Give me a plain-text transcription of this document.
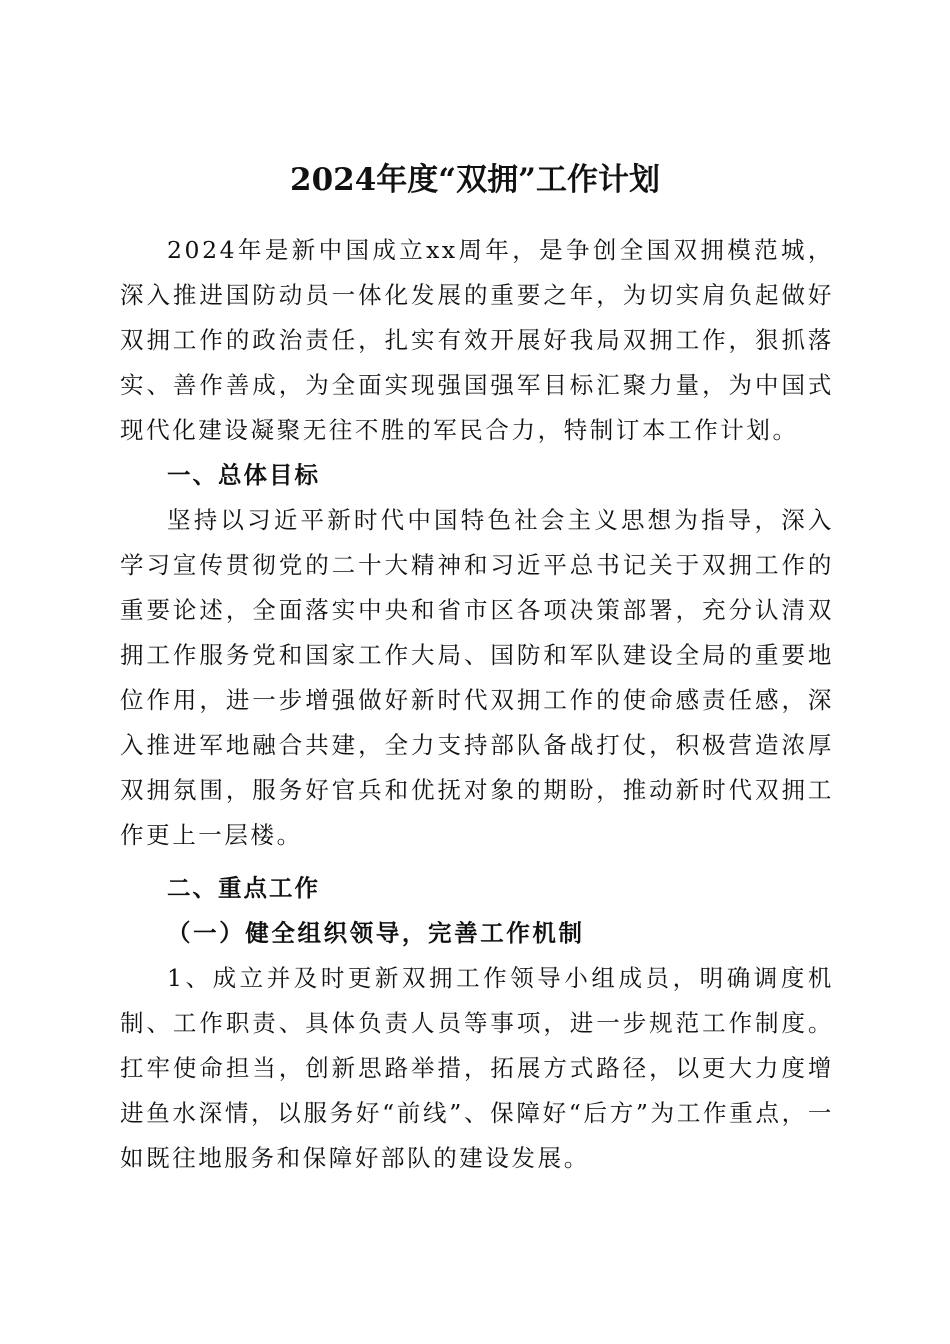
2024年度“双拥”工作计划

2024年是新中国成立xx周年，是争创全国双拥模范城，深入推进国防动员一体化发展的重要之年，为切实肩负起做好双拥工作的政治责任，扎实有效开展好我局双拥工作，狠抓落实、善作善成，为全面实现强国强军目标汇聚力量，为中国式现代化建设凝聚无往不胜的军民合力，特制订本工作计划。

一、总体目标

坚持以习近平新时代中国特色社会主义思想为指导，深入学习宣传贯彻党的二十大精神和习近平总书记关于双拥工作的重要论述，全面落实中央和省市区各项决策部署，充分认清双拥工作服务党和国家工作大局、国防和军队建设全局的重要地位作用，进一步增强做好新时代双拥工作的使命感责任感，深入推进军地融合共建，全力支持部队备战打仗，积极营造浓厚双拥氛围，服务好官兵和优抚对象的期盼，推动新时代双拥工作更上一层楼。

二、重点工作
（一）健全组织领导，完善工作机制

1、成立并及时更新双拥工作领导小组成员，明确调度机制、工作职责、具体负责人员等事项，进一步规范工作制度。扛牢使命担当，创新思路举措，拓展方式路径，以更大力度增进鱼水深情，以服务好“前线”、保障好“后方”为工作重点，一如既往地服务和保障好部队的建设发展。
